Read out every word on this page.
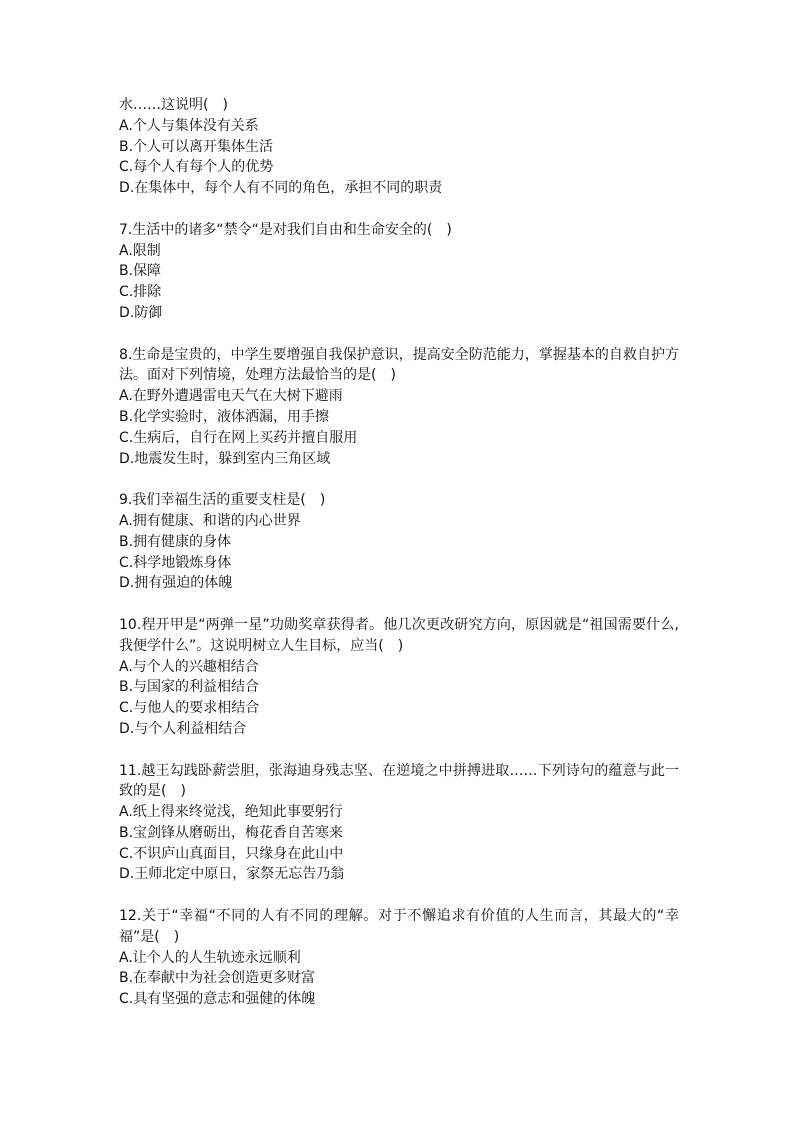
水……这说明(　)
A.个人与集体没有关系
B.个人可以离开集体生活
C.每个人有每个人的优势
D.在集体中，每个人有不同的角色，承担不同的职责
7.生活中的诸多“禁令“是对我们自由和生命安全的(　)
A.限制
B.保障
C.排除
D.防御
8.生命是宝贵的，中学生要增强自我保护意识，提高安全防范能力，掌握基本的自救自护方法。面对下列情境，处理方法最恰当的是(　)
A.在野外遭遇雷电天气在大树下避雨
B.化学实验时，液体洒漏，用手擦
C.生病后，自行在网上买药并擅自服用
D.地震发生时，躲到室内三角区域
9.我们幸福生活的重要支柱是(　)
A.拥有健康、和谐的内心世界
B.拥有健康的身体
C.科学地锻炼身体
D.拥有强迫的体魄
10.程开甲是“两弹一星”功勋奖章获得者。他几次更改研究方向，原因就是“祖国需要什么,我便学什么”。这说明树立人生目标，应当(　)
A.与个人的兴趣相结合
B.与国家的利益相结合
C.与他人的要求相结合
D.与个人利益相结合
11.越王勾践卧薪尝胆，张海迪身残志坚、在逆境之中拼搏进取……下列诗句的蕴意与此一致的是(　)
A.纸上得来终觉浅，绝知此事要躬行
B.宝剑锋从磨砺出，梅花香自苦寒来
C.不识庐山真面目，只缘身在此山中
D.王师北定中原日，家祭无忘告乃翁
12.关于“幸福“不同的人有不同的理解。对于不懈追求有价值的人生而言，其最大的“幸福”是(　)
A.让个人的人生轨迹永远顺利
B.在奉献中为社会创造更多财富
C.具有坚强的意志和强健的体魄
